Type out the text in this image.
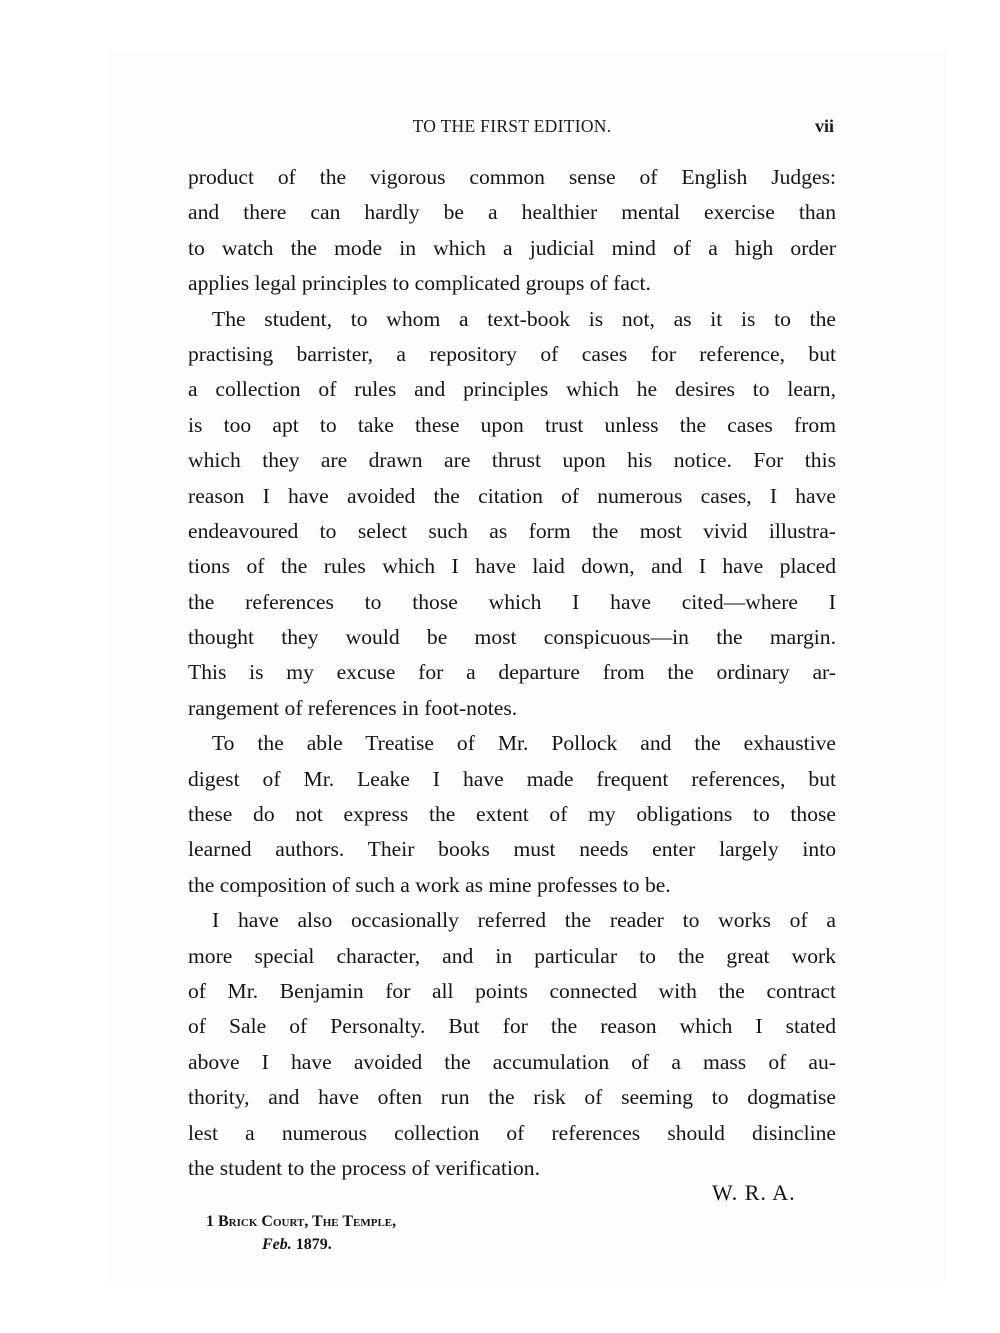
TO THE FIRST EDITION.	vii
product of the vigorous common sense of English Judges:
and there can hardly be a healthier mental exercise than
to watch the mode in which a judicial mind of a high order
applies legal principles to complicated groups of fact.
The student, to whom a text-book is not, as it is to the
practising barrister, a repository of cases for reference, but
a collection of rules and principles which he desires to learn,
is too apt to take these upon trust unless the cases from
which they are drawn are thrust upon his notice. For this
reason I have avoided the citation of numerous cases, I have
endeavoured to select such as form the most vivid illustra-
tions of the rules which I have laid down, and I have placed
the references to those which I have cited—where I
thought they would be most conspicuous—in the margin.
This is my excuse for a departure from the ordinary ar-
rangement of references in foot-notes.
To the able Treatise of Mr. Pollock and the exhaustive
digest of Mr. Leake I have made frequent references, but
these do not express the extent of my obligations to those
learned authors. Their books must needs enter largely into
the composition of such a work as mine professes to be.
I have also occasionally referred the reader to works of a
more special character, and in particular to the great work
of Mr. Benjamin for all points connected with the contract
of Sale of Personalty. But for the reason which I stated
above I have avoided the accumulation of a mass of au-
thority, and have often run the risk of seeming to dogmatise
lest a numerous collection of references should disincline
the student to the process of verification.
W. R. A.
1 Brick Court, The Temple,
Feb. 1879.
